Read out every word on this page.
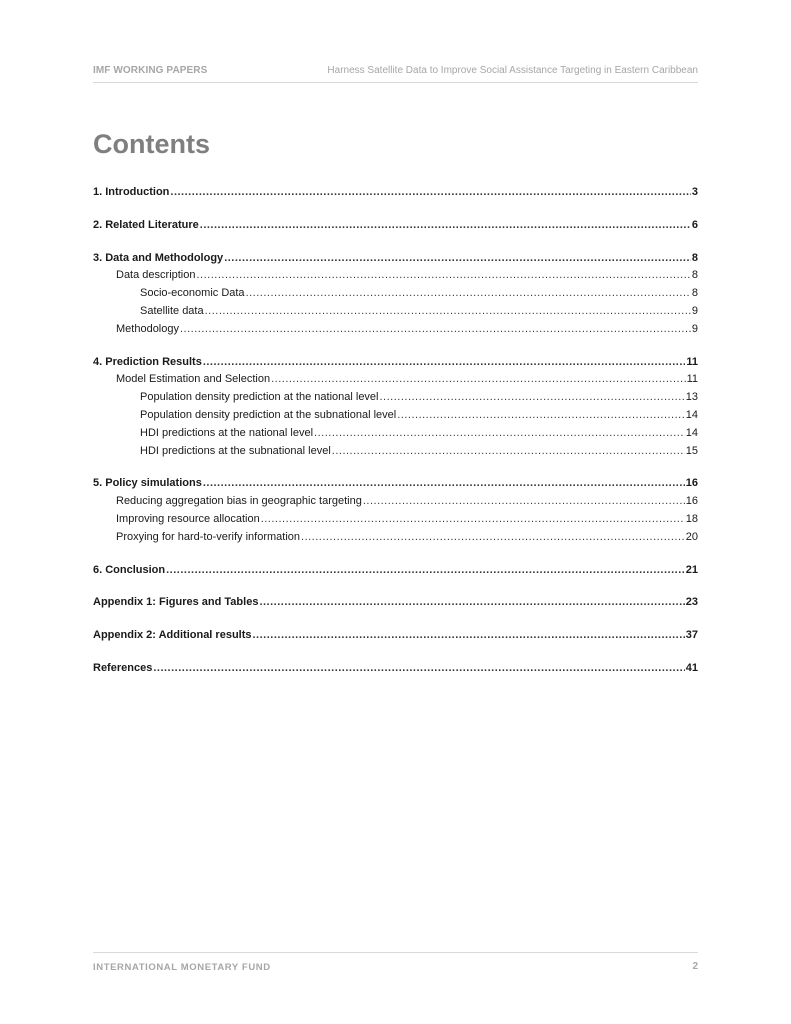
IMF WORKING PAPERS	Harness Satellite Data to Improve Social Assistance Targeting in Eastern Caribbean
Contents
1. Introduction .....	3
2. Related Literature .....	6
3. Data and Methodology .....	8
Data description .....	8
Socio-economic Data .....	8
Satellite data .....	9
Methodology .....	9
4. Prediction Results .....	11
Model Estimation and Selection .....	11
Population density prediction at the national level .....	13
Population density prediction at the subnational level .....	14
HDI predictions at the national level .....	14
HDI predictions at the subnational level .....	15
5. Policy simulations .....	16
Reducing aggregation bias in geographic targeting .....	16
Improving resource allocation .....	18
Proxying for hard-to-verify information .....	20
6. Conclusion .....	21
Appendix 1: Figures and Tables .....	23
Appendix 2: Additional results .....	37
References .....	41
INTERNATIONAL MONETARY FUND	2
